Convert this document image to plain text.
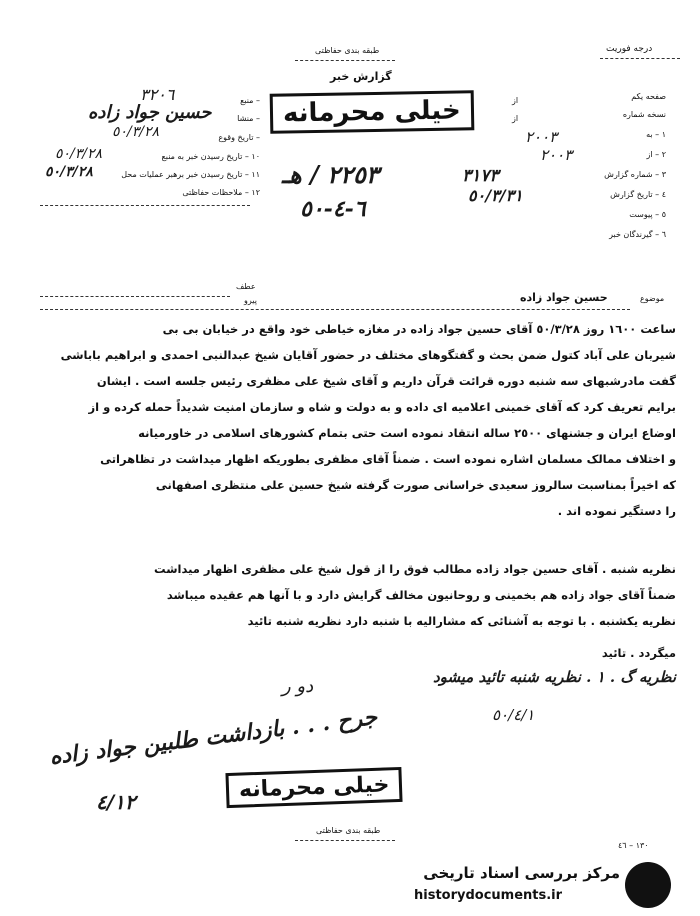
درجه فوریت
طبقه بندی حفاظتی
گزارش خبر
خیلی محرمانه
– منبع
– منشا
– تاریخ وقوع
١٠ – تاریخ رسیدن خبر به منبع
١١ – تاریخ رسیدن خبر برهبر عملیات محل
١٢ – ملاحظات حفاظتی
٣٢٠٦
حسین جواد زاده
٥٠/٣/٢٨
٥٠/٣/٢٨
٥٠/٣/٢٨
صفحه یکم
نسخه شماره
١ – به
٢ – از
٣ – شماره گزارش
٤ – تاریخ گزارش
٥ – پیوست
٦ – گیرندگان خبر
از
از
٢٠٠٣
٢٠٠٣
٣١٧٣
٥٠/٣/٣١
٢٢٥٣ / هـ
٦-٤-٥٠
عطف
پیرو	موضوع
حسین جواد زاده
ساعت ١٦٠٠ روز ٥٠/٣/٢٨ آقای حسین جواد زاده در مغازه خیاطی خود واقع در خیابان بی بی
شیربان علی آباد کتول ضمن بحث و گفتگوهای مختلف در حضور آقایان شیخ عبدالنبی احمدی و ابراهیم باباشی
گفت مادرشبهای سه شنبه دوره قرائت قرآن داریم و آقای شیخ علی مظفری رئیس جلسه است . ایشان
برایم تعریف کرد که آقای خمینی اعلامیه ای داده و به دولت و شاه و سازمان امنیت شدیداً حمله کرده و از
اوضاع ایران و جشنهای ٢٥٠٠ ساله انتقاد نموده است حتی بتمام کشورهای اسلامی در خاورمیانه
و اختلاف ممالک مسلمان اشاره نموده است . ضمناً آقای مظفری بطوریکه اظهار میداشت در تظاهراتی
که اخیراً بمناسبت سالروز سعیدی خراسانی صورت گرفته شیخ حسین علی منتظری اصفهانی
را دستگیر نموده اند .
نظریه شنبه . آقای حسین جواد زاده مطالب فوق را از قول شیخ علی مظفری اظهار میداشت
ضمناً آقای جواد زاده هم بخمینی و روحانیون مخالف گرایش دارد و با آنها هم عقیده میباشد
نظریه یکشنبه . با توجه به آشنائی که مشارالیه با شنبه دارد نظریه شنبه تائید
میگردد . تائید
نظریه گ . ١ . نظریه شنبه تائید میشود
دو ر
جرح . . . بازداشت طلبین جواد زاده
٤/١٢
٥٠/٤/١
خیلی محرمانه
طبقه بندی حفاظتی
١٣٠ – ٤٦
مرکز بررسی اسناد تاریخی
historydocuments.ir
